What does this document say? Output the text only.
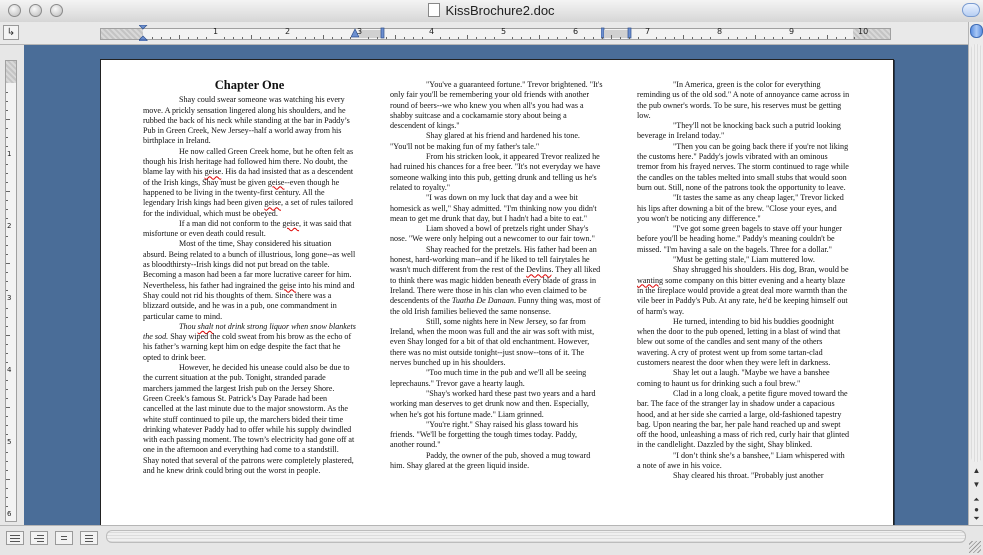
KissBrochure2.doc
↳	1	2	3	4	5	6	7	8	9	10
1
2
3
4
5
6
Chapter One

Shay could swear someone was watching his every move. A prickly sensation lingered along his shoulders, and he rubbed the back of his neck while standing at the bar in Paddy’s Pub in Green Creek, New Jersey--half a world away from his birthplace in Ireland.

He now called Green Creek home, but he often felt as though his Irish heritage had followed him there. No doubt, the blame lay with his geise. His da had insisted that as a descendent of the Irish kings, Shay must be given geise--even though he happened to be living in the twenty-first century. All the legendary Irish kings had been given geise, a set of rules tailored for the individual, which must be obeyed.

If a man did not conform to the geise, it was said that misfortune or even death could result.

Most of the time, Shay considered his situation absurd. Being related to a bunch of illustrious, long gone--as well as bloodthirsty--Irish kings did not put bread on the table. Becoming a mason had been a far more lucrative career for him. Nevertheless, his father had ingrained the geise into his mind and Shay could not rid his thoughts of them. Since there was a blizzard outside, and he was in a pub, one commandment in particular came to mind.

Thou shalt not drink strong liquor when snow blankets the sod. Shay wiped the cold sweat from his brow as the echo of his father’s warning kept him on edge despite the fact that he opted to drink beer.

However, he decided his unease could also be due to the current situation at the pub. Tonight, stranded parade marchers jammed the largest Irish pub on the Jersey Shore. Green Creek’s famous St. Patrick’s Day Parade had been cancelled at the last minute due to the major snowstorm. As the white stuff continued to pile up, the marchers bided their time drinking whatever Paddy had to offer while his supply dwindled with each passing moment. The town’s electricity had gone off at one in the afternoon and everything had come to a standstill. Shay noted that several of the patrons were completely plastered, and he knew drink could bring out the worst in people.

"You've a guaranteed fortune." Trevor brightened. "It's only fair you'll be remembering your old friends with another round of beers--we who knew you when all's you had was a shabby suitcase and a cockamamie story about being a descendent of kings."

Shay glared at his friend and hardened his tone. "You'll not be making fun of my father's tale."

From his stricken look, it appeared Trevor realized he had ruined his chances for a free beer. "It's not everyday we have someone walking into this pub, getting drunk and telling us he's related to royalty."

"I was down on my luck that day and a wee bit homesick as well," Shay admitted. "I'm thinking now you didn't mean to get me drunk that day, but I hadn't had a bite to eat."

Liam shoved a bowl of pretzels right under Shay's nose. "We were only helping out a newcomer to our fair town."

Shay reached for the pretzels. His father had been an honest, hard-working man--and if he liked to tell fairytales he wasn't much different from the rest of the Devlins. They all liked to think there was magic hidden beneath every blade of grass in Ireland. There were those in his clan who even claimed to be descendents of the Tuatha De Danaan. Funny thing was, most of the old Irish families believed the same nonsense.

Still, some nights here in New Jersey, so far from Ireland, when the moon was full and the air was soft with mist, even Shay longed for a bit of that old enchantment. However, there was no mist outside tonight--just snow--tons of it. The nerves bunched up in his shoulders.

"Too much time in the pub and we'll all be seeing leprechauns." Trevor gave a hearty laugh.

"Shay's worked hard these past two years and a hard working man deserves to get drunk now and then. Especially, when he's got his fortune made." Liam grinned.

"You're right." Shay raised his glass toward his friends. "We'll be forgetting the tough times today. Paddy, another round."

Paddy, the owner of the pub, shoved a mug toward him. Shay glared at the green liquid inside.

"In America, green is the color for everything reminding us of the old sod." A note of annoyance came across in the pub owner's words. To be sure, his reserves must be getting low.

"They'll not be knocking back such a putrid looking beverage in Ireland today."

"Then you can be going back there if you're not liking the customs here." Paddy's jowls vibrated with an ominous tremor from his frayed nerves. The storm continued to rage while the candles on the tables melted into small stubs that would soon burn out. Still, none of the patrons took the opportunity to leave.

"It tastes the same as any cheap lager," Trevor licked his lips after downing a bit of the brew. "Close your eyes, and you won't be noticing any difference."

"I've got some green bagels to stave off your hunger before you'll be heading home." Paddy's meaning couldn't be missed. "I'm having a sale on the bagels. Three for a dollar."

"Must be getting stale," Liam muttered low.

Shay shrugged his shoulders. His dog, Bran, would be wanting some company on this bitter evening and a hearty blaze in the fireplace would provide a great deal more warmth than the vile beer in Paddy's Pub. At any rate, he'd be keeping himself out of harm's way.

He turned, intending to bid his buddies goodnight when the door to the pub opened, letting in a blast of wind that blew out some of the candles and sent many of the others wavering. A cry of protest went up from some tartan-clad customers nearest the door when they were left in darkness.

Shay let out a laugh. "Maybe we have a banshee coming to haunt us for drinking such a foul brew."

Clad in a long cloak, a petite figure moved toward the bar. The face of the stranger lay in shadow under a capacious hood, and at her side she carried a large, old-fashioned tapestry bag. Upon nearing the bar, her pale hand reached up and swept off the hood, unleashing a mass of rich red, curly hair that glinted in the candlelight. Dazzled by the sight, Shay blinked.

"I don’t think she’s a banshee," Liam whispered with a note of awe in his voice.

Shay cleared his throat. "Probably just another

▲
▼
⏶
●
⏷
